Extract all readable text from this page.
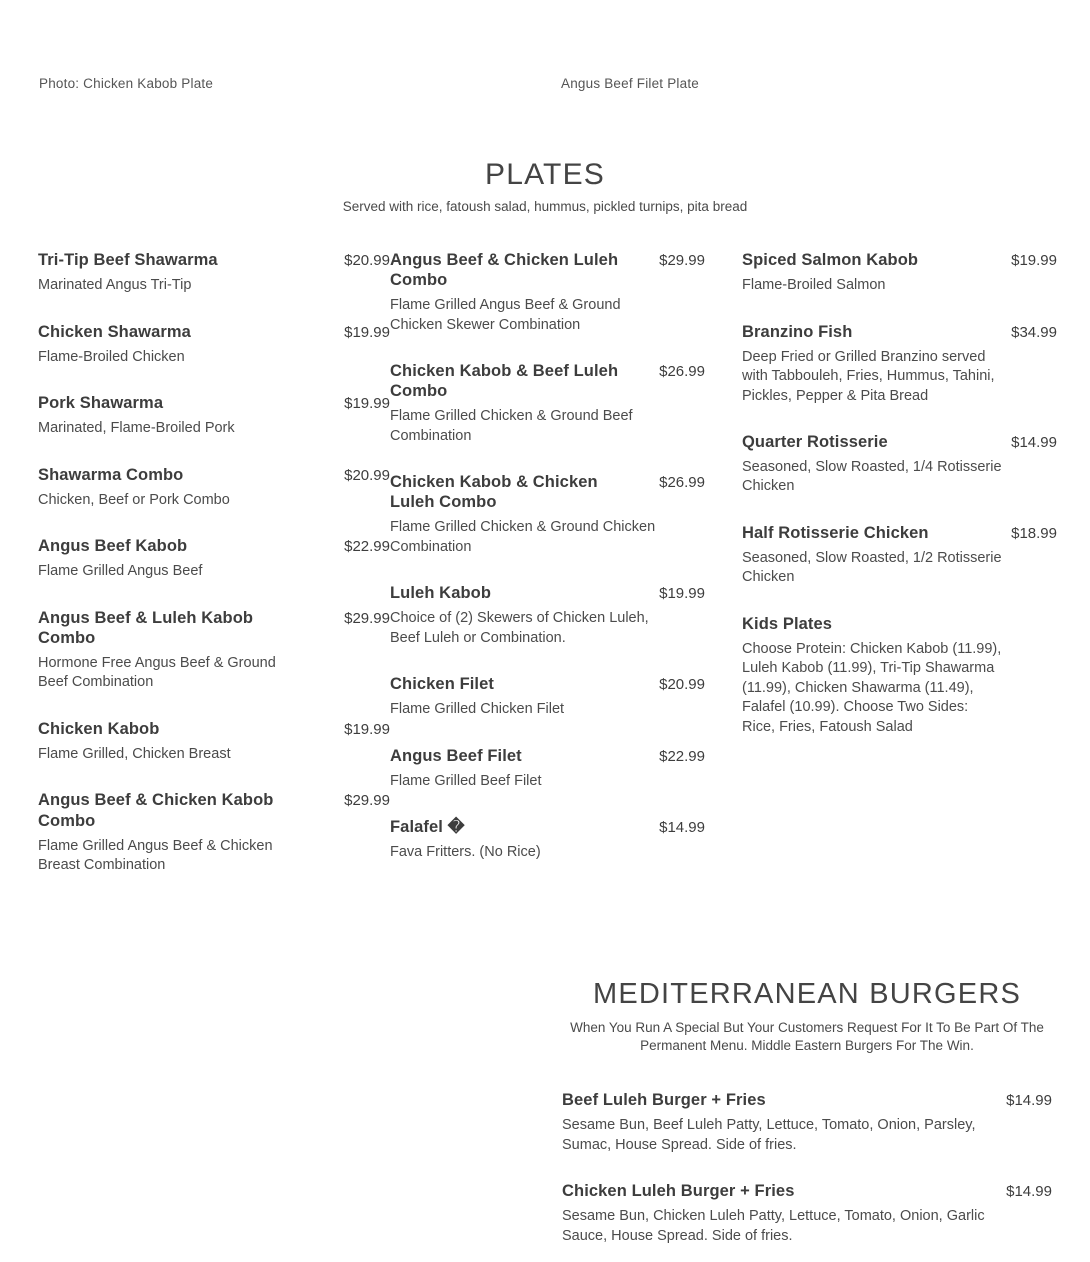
Photo: Chicken Kabob Plate	Angus Beef Filet Plate
PLATES

Served with rice, fatoush salad, hummus, pickled turnips, pita bread

Tri-Tip Beef Shawarma	$20.99
Marinated Angus Tri-Tip
Chicken Shawarma	$19.99
Flame-Broiled Chicken
Pork Shawarma	$19.99
Marinated, Flame-Broiled Pork
Shawarma Combo	$20.99
Chicken, Beef or Pork Combo
Angus Beef Kabob	$22.99
Flame Grilled Angus Beef
Angus Beef & Luleh Kabob Combo
$29.99
Hormone Free Angus Beef & Ground Beef Combination
Chicken Kabob	$19.99
Flame Grilled, Chicken Breast
Angus Beef & Chicken Kabob Combo
$29.99
Flame Grilled Angus Beef & Chicken Breast Combination
Angus Beef & Chicken Luleh Combo
$29.99
Flame Grilled Angus Beef & Ground Chicken Skewer Combination
Chicken Kabob & Beef Luleh Combo
$26.99
Flame Grilled Chicken & Ground Beef Combination
Chicken Kabob & Chicken Luleh Combo
$26.99
Flame Grilled Chicken & Ground Chicken Combination
Luleh Kabob	$19.99
Choice of (2) Skewers of Chicken Luleh, Beef Luleh or Combination.
Chicken Filet	$20.99
Flame Grilled Chicken Filet
Angus Beef Filet	$22.99
Flame Grilled Beef Filet
Falafel �	$14.99
Fava Fritters. (No Rice)
Spiced Salmon Kabob	$19.99
Flame-Broiled Salmon
Branzino Fish	$34.99
Deep Fried or Grilled Branzino served with Tabbouleh, Fries, Hummus, Tahini, Pickles, Pepper & Pita Bread
Quarter Rotisserie	$14.99
Seasoned, Slow Roasted, 1/4 Rotisserie Chicken
Half Rotisserie Chicken	$18.99
Seasoned, Slow Roasted, 1/2 Rotisserie Chicken
Kids Plates
Choose Protein: Chicken Kabob (11.99), Luleh Kabob (11.99), Tri-Tip Shawarma (11.99), Chicken Shawarma (11.49), Falafel (10.99). Choose Two Sides: Rice, Fries, Fatoush Salad
MEDITERRANEAN BURGERS

When You Run A Special But Your Customers Request For It To Be Part Of The Permanent Menu. Middle Eastern Burgers For The Win.

Beef Luleh Burger + Fries	$14.99
Sesame Bun, Beef Luleh Patty, Lettuce, Tomato, Onion, Parsley, Sumac, House Spread. Side of fries.
Chicken Luleh Burger + Fries	$14.99
Sesame Bun, Chicken Luleh Patty, Lettuce, Tomato, Onion, Garlic Sauce, House Spread. Side of fries.
